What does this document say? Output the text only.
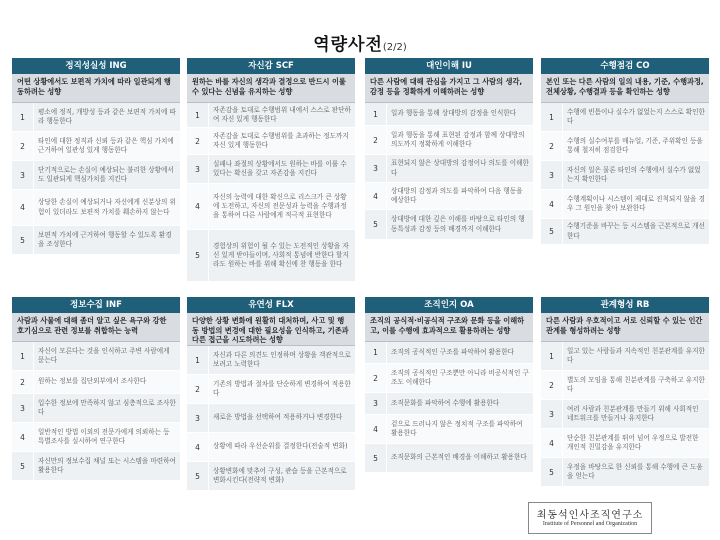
역량사전(2/2)
정직성실성 ING
어떤 상황에서도 보편적 가치에 따라 일관되게 행동하려는 성향
1
평소에 정직, 개방성 등과 같은 보편적 가치에 따라 행동한다
2
타인에 대한 정직과 신뢰 등과 같은 핵심 가치에 근거하여 일관성 있게 행동한다
3
단기적으로는 손실이 예상되는 불리한 상황에서도 일관되게 핵심가치를 지킨다
4
상당한 손실이 예상되거나 자신에게 신분상의 위험이 있더라도 보편적 가치를 훼손하지 않는다
5
보편적 가치에 근거하여 행동할 수 있도록 환경을 조성한다
자신감 SCF
원하는 바를 자신의 생각과 결정으로 반드시 이룰 수 있다는 신념을 유지하는 성향
1
자존감을 토대로 수행범위 내에서 스스로 판단하여 자신 있게 행동한다
2
자존감을 토대로 수행범위를 초과하는 정도까지 자신 있게 행동한다
3
실패나 좌절의 상황에서도 원하는 바를 이룰 수 있다는 확신을 갖고 자존감을 지킨다
4
자신의 능력에 대한 확신으로 리스크가 큰 상황에 도전하고, 자신의 전문성과 능력을 수행과정을 통하여 다른 사람에게 적극적 표현한다
5
경험상의 위험이 될 수 있는 도전적인 상황을 자신 있게 받아들이며, 사회적 통념에 반한다 할지라도 원하는 바를 위해 확신에 찬 행동을 한다
대인이해 IU
다른 사람에 대해 관심을 가지고 그 사람의 생각, 감정 등을 정확하게 이해하려는 성향
1	일과 행동을 통해 상대방의 감정을 인식한다
2
일과 행동을 통해 표현된 감정과 함께 상대방의 의도까지 정확하게 이해한다
3
표현되지 않은 상대방의 감정이나 의도를 이해한다
4
상대방의 감정과 의도를 파악하여 다음 행동을 예상한다
5
상대방에 대한 깊은 이해를 바탕으로 타인의 행동특성과 감정 등의 배경까지 이해한다
수행점검 CO
본인 또는 다른 사람의 일의 내용, 기준, 수행과정, 전체상황, 수행결과 등을 확인하는 성향
1
수행에 빈틈이나 실수가 없었는지 스스로 확인한다
2
수행의 실수여부를 매뉴얼, 기준, 주위확인 등을 통해 철저히 점검한다
3
자신의 일은 물론 타인의 수행에서 실수가 없었는지 확인한다
4
수행계획이나 시스템이 제대로 진척되지 않을 경우 그 원인을 찾아 보완한다
5
수행기준을 바꾸는 등 시스템을 근본적으로 개선한다
정보수집 INF
사람과 사물에 대해 좀더 알고 싶은 욕구와 강한 호기심으로 관련 정보를 취합하는 능력
1
자신이 모른다는 것을 인식하고 주변 사람에게 묻는다
2	원하는 정보를 집단외부에서 조사한다
3
입수한 정보에 만족하지 않고 심층적으로 조사한다
4
일반적인 방법 이외의 전문가에게 의뢰하는 등 특별조사를 실시하여 연구한다
5
자신만의 정보수집 채널 또는 시스템을 마련하여 활용한다
유연성 FLX
다양한 상황 변화에 원활히 대처하며, 사고 및 행동 방법의 변경에 대한 필요성을 인식하고, 기존과 다른 접근을 시도하려는 성향
1
자신과 다른 의견도 인정하며 상황을 객관적으로 보려고 노력한다
2
기존의 방법과 절차를 단순하게 변경하여 적용한다
3	새로운 방법을 선택하여 적용하거나 변경한다
4	상황에 따라 우선순위를 결정한다(전술적 변화)
5
상황변화에 맞추어 구성, 관습 등을 근본적으로 변화시킨다(전략적 변화)
조직인지 OA
조직의 공식적·비공식적 구조와 문화 등을 이해하고, 이를 수행에 효과적으로 활용하려는 성향
1	조직의 공식적인 구조를 파악하여 활용한다
2
조직의 공식적인 구조뿐만 아니라 비공식적인 구조도 이해한다
3	조직문화를 파악하여 수행에 활용한다
4
겉으로 드러나지 않은 정치적 구조를 파악하여 활용한다
5	조직문화의 근본적인 배경을 이해하고 활용한다
관계형성 RB
다른 사람과 우호적이고 서로 신뢰할 수 있는 인간관계를 형성하려는 성향
1
일고 있는 사람들과 지속적인 친분관계를 유지한다
2
별도의 모임을 통해 친분관계를 구축하고 유지한다
3
여러 사람과 친분관계를 만들기 위해 사회적인 네트워크를 만들거나 유지한다
4
단순한 친분관계를 뛰어 넘어 우정으로 발전한 개인적 친밀감을 유지한다
5
우정을 바탕으로 한 신뢰를 통해 수행에 큰 도움을 얻는다
최동석인사조직연구소
Institute of Personnel and Organization
